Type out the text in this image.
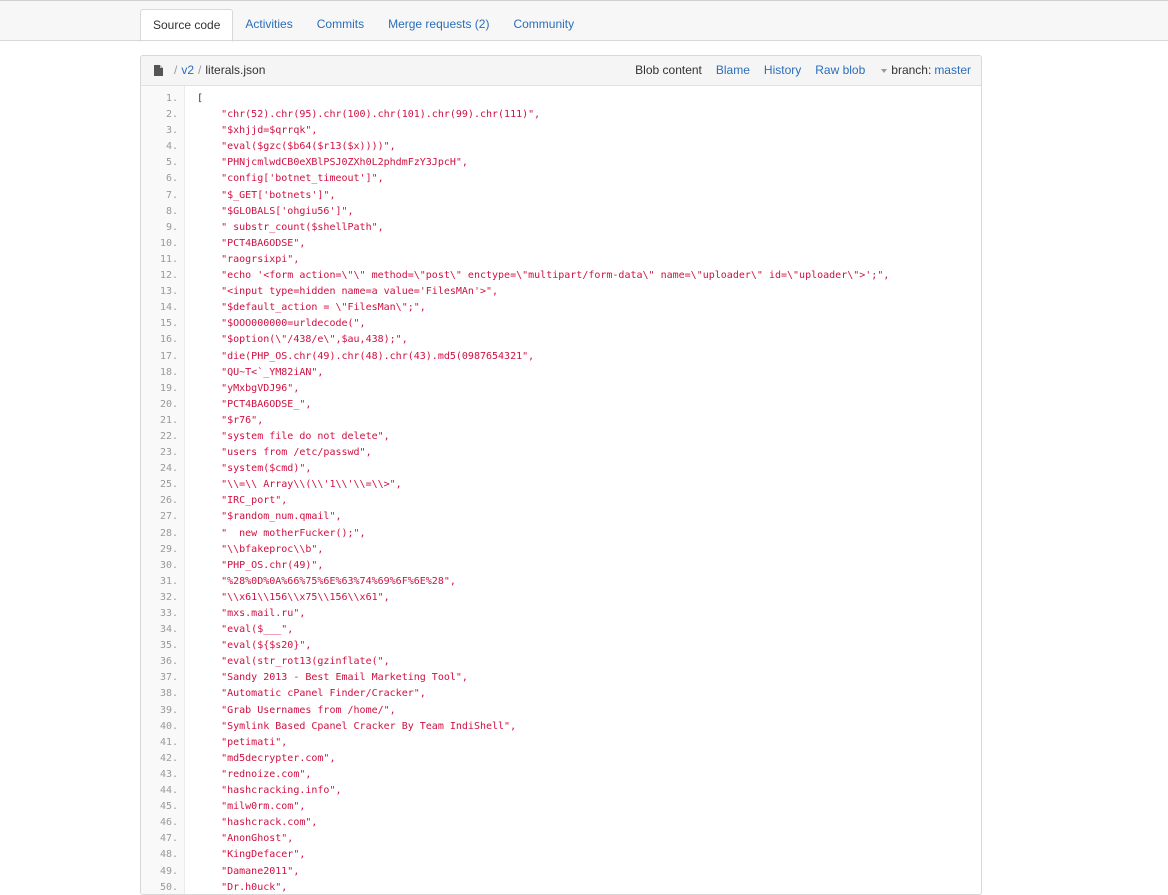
Source code	Activities	Commits	Merge requests (2)	Community
/ v2 / literals.json	Blob content Blame History Raw blob branch: master
1.	[
2.	"chr(52).chr(95).chr(100).chr(101).chr(99).chr(111)",
3.	"$xhjjd=$qrrqk",
4.	"eval($gzc($b64($r13($x))))",
5.	"PHNjcmlwdCB0eXBlPSJ0ZXh0L2phdmFzY3JpcH",
6.	"config['botnet_timeout']",
7.	"$_GET['botnets']",
8.	"$GLOBALS['ohgiu56']",
9.	" substr_count($shellPath",
10.	"PCT4BA6ODSE",
11.	"raogrsixpi",
12.	"echo '<form action=\"\" method=\"post\" enctype=\"multipart/form-data\" name=\"uploader\" id=\"uploader\">';",
13.	"<input type=hidden name=a value='FilesMAn'>",
14.	"$default_action = \"FilesMan\";",
15.	"$OOO000000=urldecode(",
16.	"$option(\"/438/e\",$au,438);",
17.	"die(PHP_OS.chr(49).chr(48).chr(43).md5(0987654321",
18.	"QU~T<`_YM82iAN",
19.	"yMxbgVDJ96",
20.	"PCT4BA6ODSE_",
21.	"$r76",
22.	"system file do not delete",
23.	"users from /etc/passwd",
24.	"system($cmd)",
25.	"\\=\\ Array\\(\\'1\\'\\=\\>",
26.	"IRC_port",
27.	"$random_num.qmail",
28.	"  new motherFucker();",
29.	"\\bfakeproc\\b",
30.	"PHP_OS.chr(49)",
31.	"%28%0D%0A%66%75%6E%63%74%69%6F%6E%28",
32.	"\\x61\\156\\x75\\156\\x61",
33.	"mxs.mail.ru",
34.	"eval($___",
35.	"eval(${$s20}",
36.	"eval(str_rot13(gzinflate(",
37.	"Sandy 2013 - Best Email Marketing Tool",
38.	"Automatic cPanel Finder/Cracker",
39.	"Grab Usernames from /home/",
40.	"Symlink Based Cpanel Cracker By Team IndiShell",
41.	"petimati",
42.	"md5decrypter.com",
43.	"rednoize.com",
44.	"hashcracking.info",
45.	"milw0rm.com",
46.	"hashcrack.com",
47.	"AnonGhost",
48.	"KingDefacer",
49.	"Damane2011",
50.	"Dr.h0uck",
